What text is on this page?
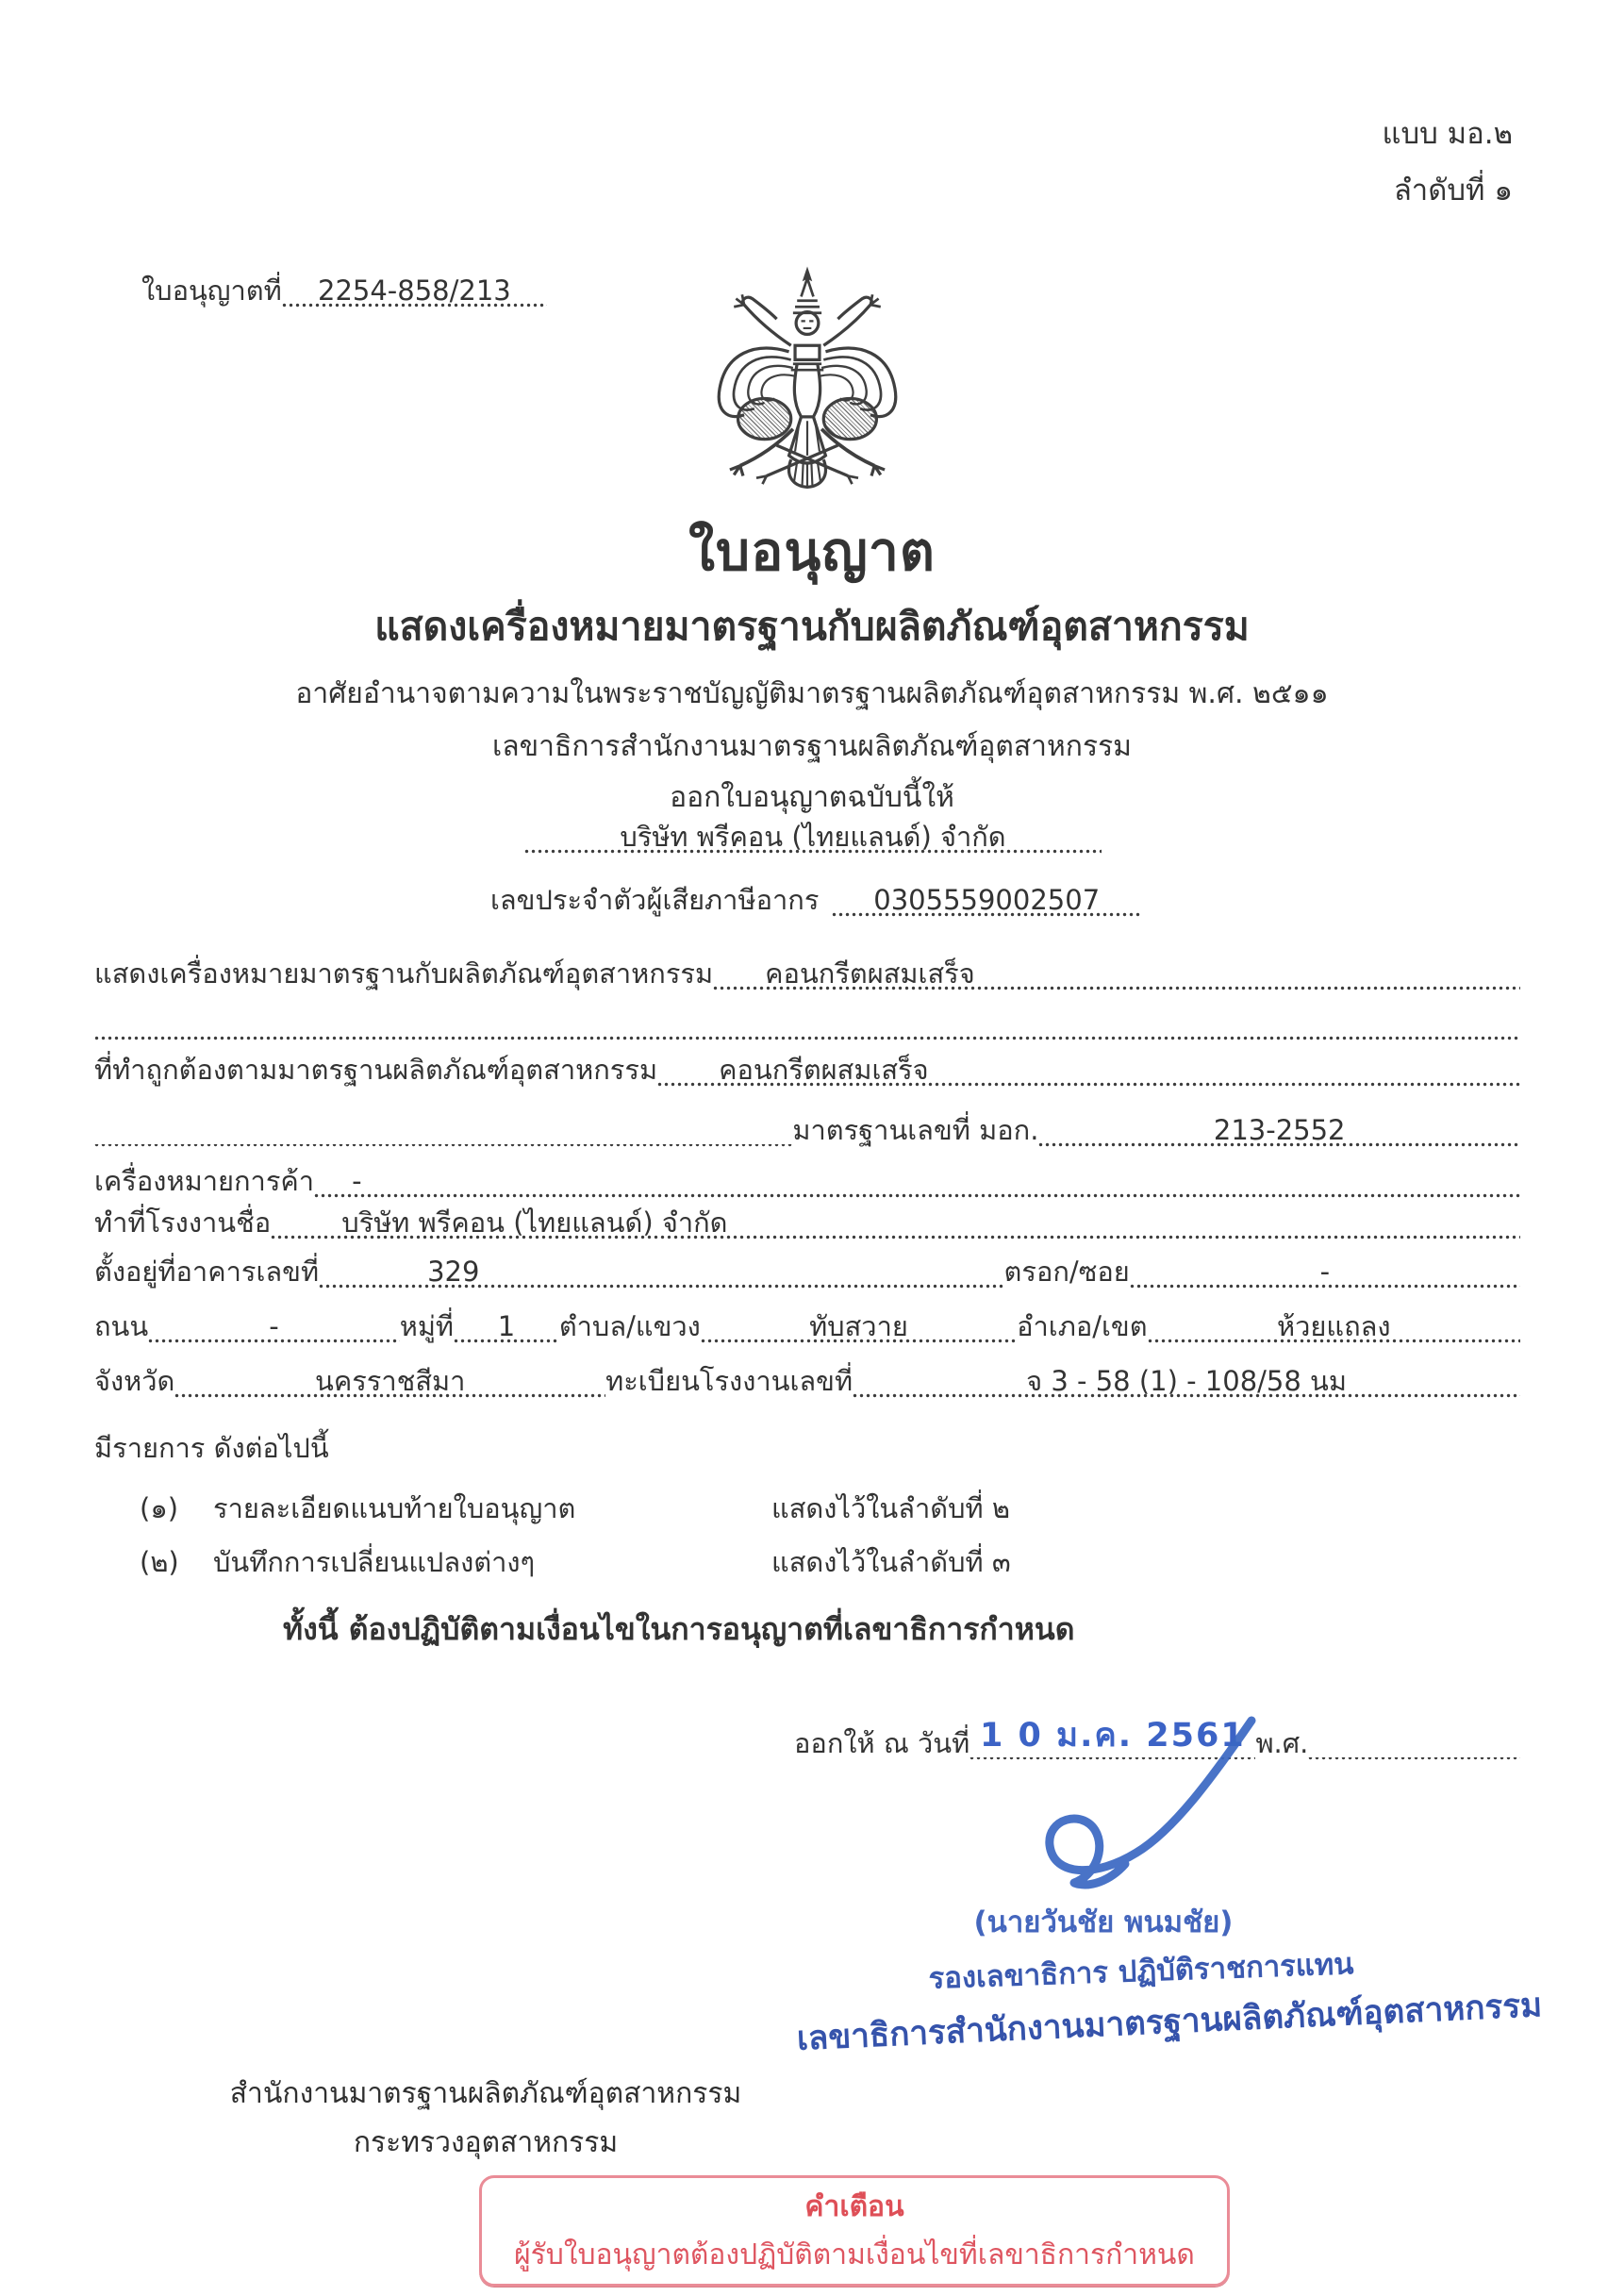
แบบ มอ.๒
ลำดับที่ ๑
ใบอนุญาตที่	2254-858/213
ใบอนุญาต
แสดงเครื่องหมายมาตรฐานกับผลิตภัณฑ์อุตสาหกรรม
อาศัยอำนาจตามความในพระราชบัญญัติมาตรฐานผลิตภัณฑ์อุตสาหกรรม พ.ศ. ๒๕๑๑
เลขาธิการสำนักงานมาตรฐานผลิตภัณฑ์อุตสาหกรรม
ออกใบอนุญาตฉบับนี้ให้
บริษัท พรีคอน (ไทยแลนด์) จำกัด
เลขประจำตัวผู้เสียภาษีอากร	0305559002507
แสดงเครื่องหมายมาตรฐานกับผลิตภัณฑ์อุตสาหกรรม	คอนกรีตผสมเสร็จ
ที่ทำถูกต้องตามมาตรฐานผลิตภัณฑ์อุตสาหกรรม	คอนกรีตผสมเสร็จ
มาตรฐานเลขที่ มอก.	213-2552
เครื่องหมายการค้า	-
ทำที่โรงงานชื่อ	บริษัท พรีคอน (ไทยแลนด์) จำกัด
ตั้งอยู่ที่อาคารเลขที่	329	ตรอก/ซอย	-
ถนน	-	หมู่ที่	1	ตำบล/แขวง	ทับสวาย	อำเภอ/เขต	ห้วยแถลง
จังหวัด	นครราชสีมา	ทะเบียนโรงงานเลขที่	จ 3 - 58 (1) - 108/58 นม
มีรายการ ดังต่อไปนี้
(๑)	รายละเอียดแนบท้ายใบอนุญาต	แสดงไว้ในลำดับที่ ๒
(๒)	บันทึกการเปลี่ยนแปลงต่างๆ	แสดงไว้ในลำดับที่ ๓
ทั้งนี้ ต้องปฏิบัติตามเงื่อนไขในการอนุญาตที่เลขาธิการกำหนด
ออกให้ ณ วันที่ 1 0 ม.ค. 2561 พ.ศ.
(นายวันชัย พนมชัย)
รองเลขาธิการ ปฏิบัติราชการแทน
เลขาธิการสำนักงานมาตรฐานผลิตภัณฑ์อุตสาหกรรม
สำนักงานมาตรฐานผลิตภัณฑ์อุตสาหกรรม
กระทรวงอุตสาหกรรม
คำเตือน
ผู้รับใบอนุญาตต้องปฏิบัติตามเงื่อนไขที่เลขาธิการกำหนด
